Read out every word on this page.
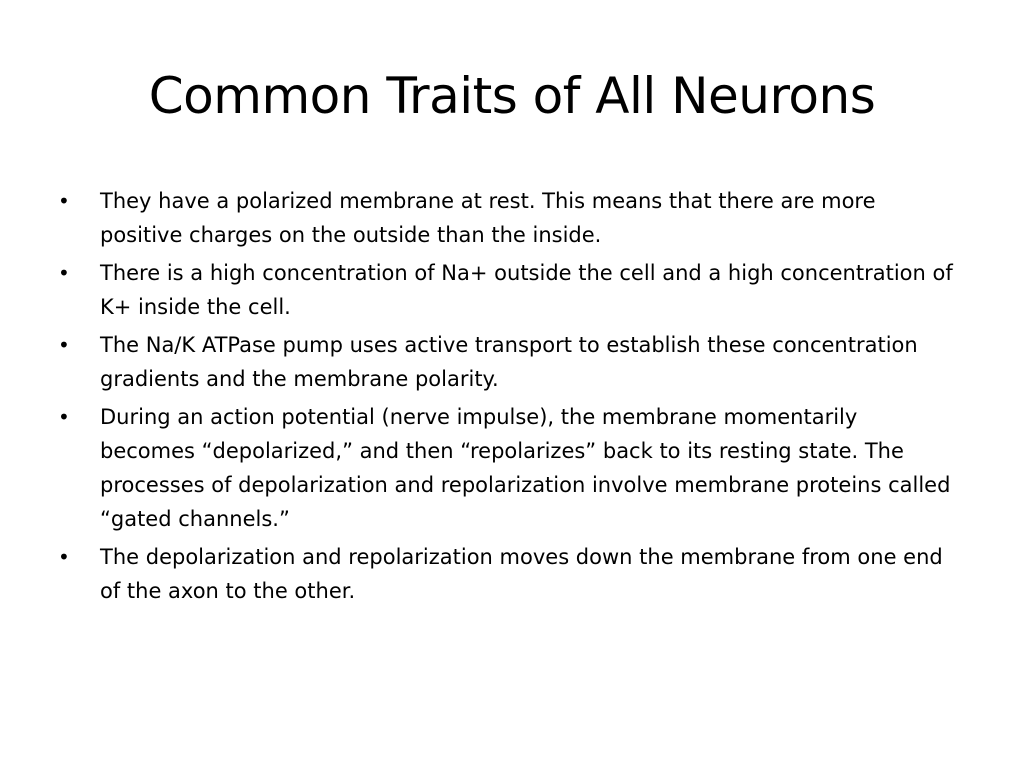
Common Traits of All Neurons
•	They have a polarized membrane at rest. This means that there are more positive charges on the outside than the inside.
•	There is a high concentration of Na+ outside the cell and a high concentration of K+ inside the cell.
•	The Na/K ATPase pump uses active transport to establish these concentration gradients and the membrane polarity.
•	During an action potential (nerve impulse), the membrane momentarily becomes “depolarized,” and then “repolarizes” back to its resting state. The processes of depolarization and repolarization involve membrane proteins called “gated channels.”
•	The depolarization and repolarization moves down the membrane from one end of the axon to the other.
